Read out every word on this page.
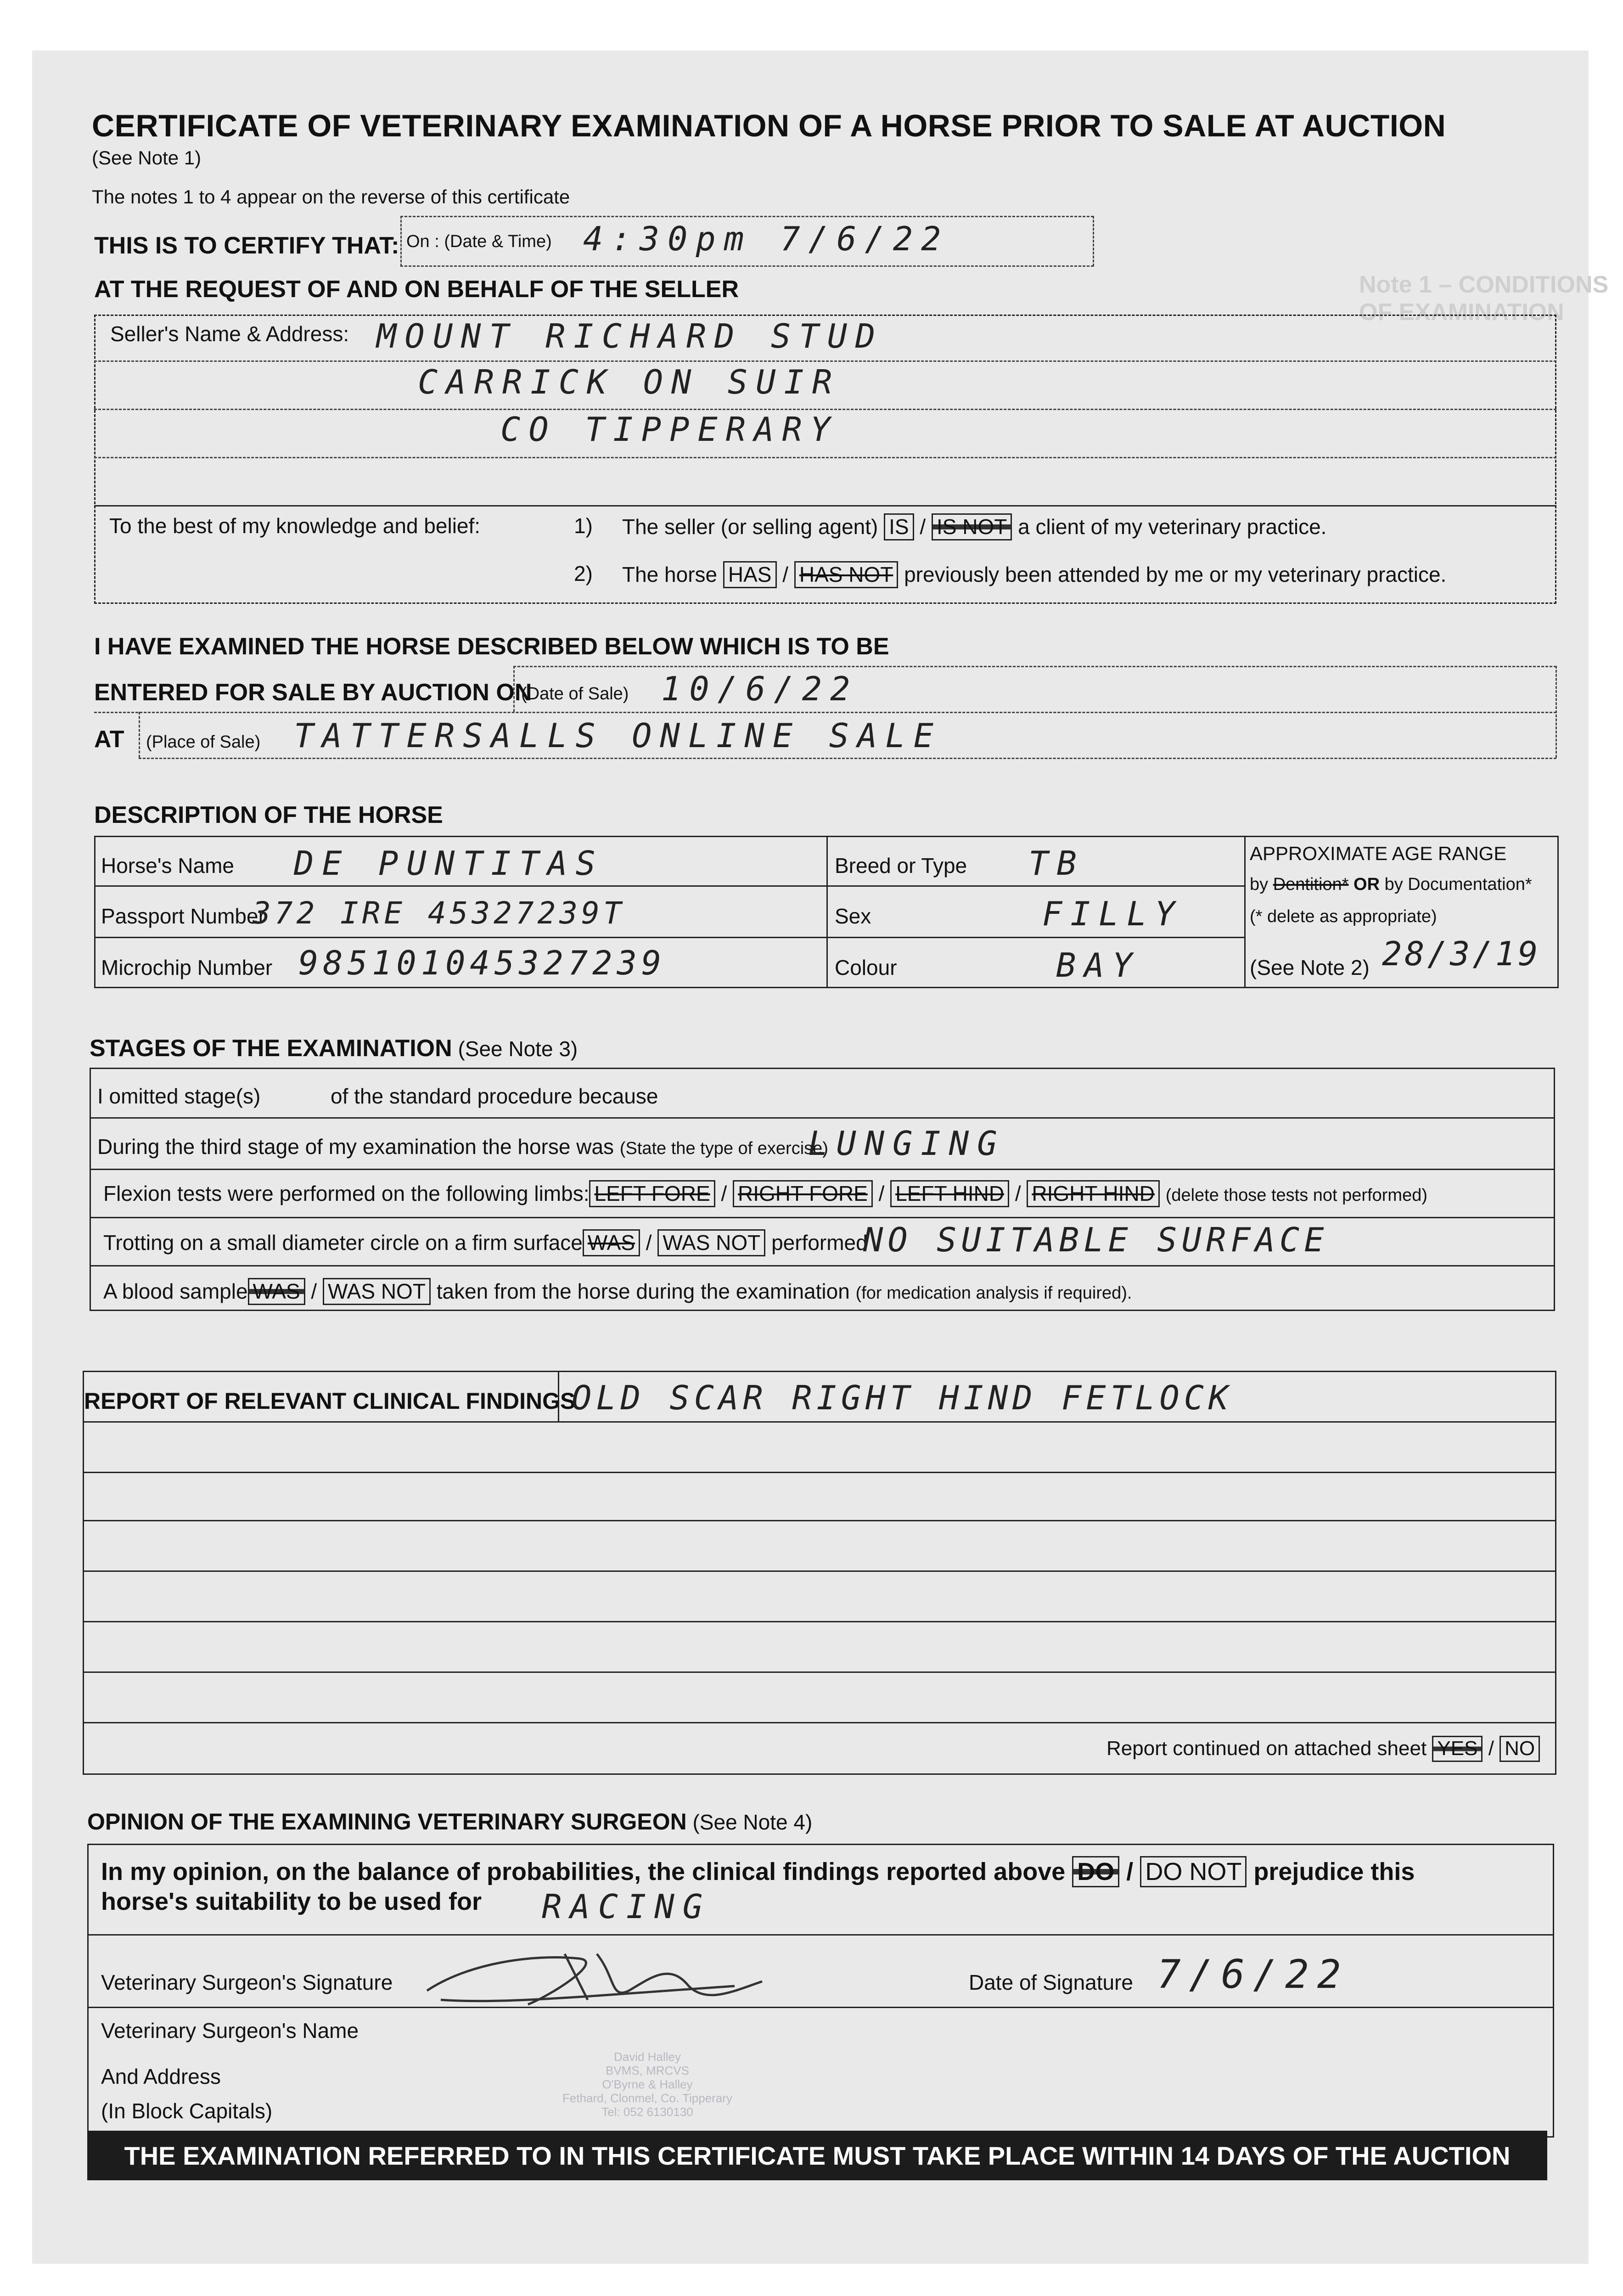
Note 1 – CONDITIONS OF EXAMINATION
CERTIFICATE OF VETERINARY EXAMINATION OF A HORSE PRIOR TO SALE AT AUCTION
(See Note 1)
The notes 1 to 4 appear on the reverse of this certificate
THIS IS TO CERTIFY THAT: On : (Date & Time) 4:30pm 7/6/22
AT THE REQUEST OF AND ON BEHALF OF THE SELLER
Seller's Name & Address: MOUNT RICHARD STUD
CARRICK ON SUIR
CO TIPPERARY
To the best of my knowledge and belief:	1) The seller (or selling agent) IS / IS NOT a client of my veterinary practice.
2) The horse HAS / HAS NOT previously been attended by me or my veterinary practice.
I HAVE EXAMINED THE HORSE DESCRIBED BELOW WHICH IS TO BE
ENTERED FOR SALE BY AUCTION ON
(Date of Sale) 10/6/22
AT (Place of Sale) TATTERSALLS ONLINE SALE
DESCRIPTION OF THE HORSE
Horse's Name DE PUNTITAS
Passport Number
372 IRE 45327239T
Microchip Number 985101045327239
Breed or Type TB
Sex	FILLY
Colour	BAY
APPROXIMATE AGE RANGE
by Dentition* OR by Documentation*
(* delete as appropriate)
(See Note 2) 28/3/19
STAGES OF THE EXAMINATION (See Note 3)
I omitted stage(s)	of the standard procedure because
During the third stage of my examination the horse was (State the type of exercise)
LUNGING
Flexion tests were performed on the following limbs: LEFT FORE / RIGHT FORE / LEFT HIND / RIGHT HIND (delete those tests not performed)
Trotting on a small diameter circle on a firm surface WAS / WAS NOT performed
NO SUITABLE SURFACE
A blood sample WAS / WAS NOT taken from the horse during the examination (for medication analysis if required).
REPORT OF RELEVANT CLINICAL FINDINGS
OLD SCAR RIGHT HIND FETLOCK
Report continued on attached sheet YES / NO
OPINION OF THE EXAMINING VETERINARY SURGEON (See Note 4)
In my opinion, on the balance of probabilities, the clinical findings reported above DO / DO NOT prejudice this
horse's suitability to be used for RACING
Veterinary Surgeon's Signature	Date of Signature 7/6/22
Veterinary Surgeon's Name
And Address
(In Block Capitals)
David Halley
BVMS, MRCVS
O'Byrne & Halley
Fethard, Clonmel, Co. Tipperary
Tel: 052 6130130
THE EXAMINATION REFERRED TO IN THIS CERTIFICATE MUST TAKE PLACE WITHIN 14 DAYS OF THE AUCTION
